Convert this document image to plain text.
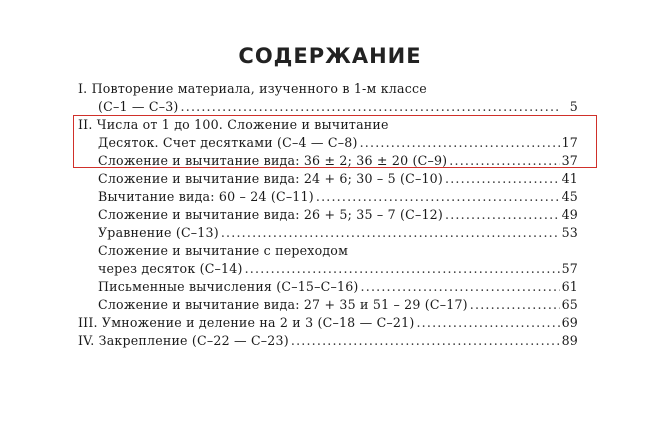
СОДЕРЖАНИЕ
I. Повторение материала, изученного в 1-м классе
(С–1 — С–3) .....	5
II. Числа от 1 до 100. Сложение и вычитание
Десяток. Счет десятками (С–4 — С–8) .....	17
Сложение и вычитание вида: 36 ± 2; 36 ± 20 (С–9) .....	37
Сложение и вычитание вида: 24 + 6; 30 – 5 (С–10) .....	41
Вычитание вида: 60 – 24 (С–11) .....	45
Сложение и вычитание вида: 26 + 5; 35 – 7 (С–12) .....	49
Уравнение (С–13) .....	53
Сложение и вычитание с переходом
через десяток (С–14) .....	57
Письменные вычисления (С–15–С–16) .....	61
Сложение и вычитание вида: 27 + 35 и 51 – 29 (С–17) .....	65
III. Умножение и деление на 2 и 3 (С–18 — С–21) .....	69
IV. Закрепление (С–22 — С–23) .....	89
